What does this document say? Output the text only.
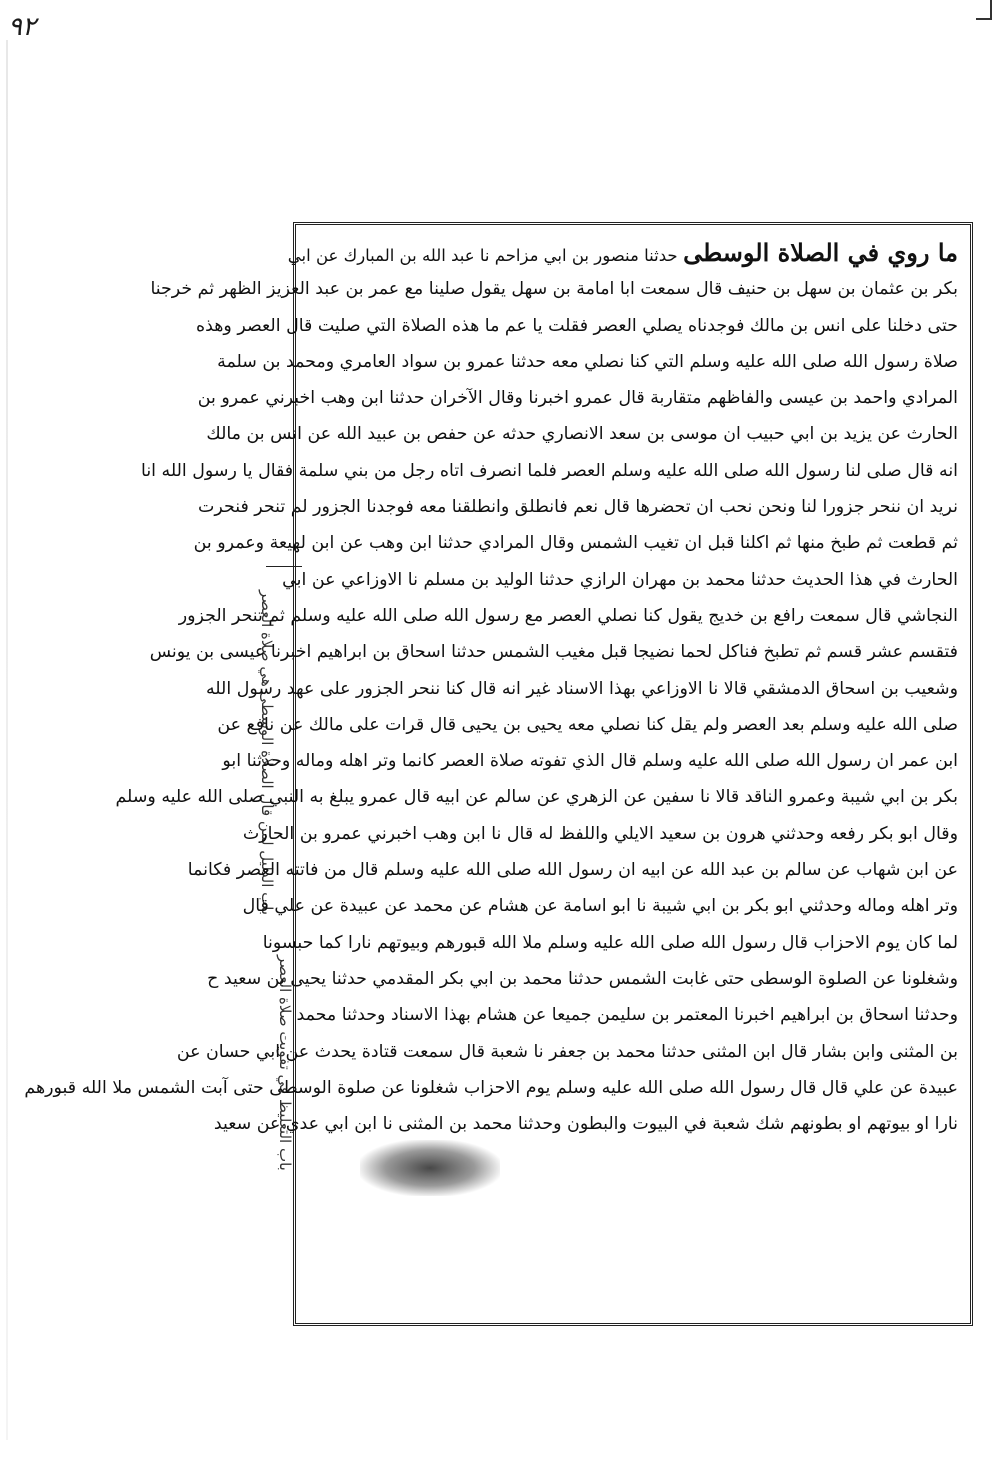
٩٢
باب الدليل لمن قال الصلاة الوسطى هي صلاة العصر
باب التغليظ في تفويت صلاة العصر
ما روي في الصلاة الوسطى حدثنا منصور بن ابي مزاحم نا عبد الله بن المبارك عن ابي
بكر بن عثمان بن سهل بن حنيف قال سمعت ابا امامة بن سهل يقول صلينا مع عمر بن عبد العزيز الظهر ثم خرجنا
حتى دخلنا على انس بن مالك فوجدناه يصلي العصر فقلت يا عم ما هذه الصلاة التي صليت قال العصر وهذه
صلاة رسول الله صلى الله عليه وسلم التي كنا نصلي معه حدثنا عمرو بن سواد العامري ومحمد بن سلمة
المرادي واحمد بن عيسى والفاظهم متقاربة قال عمرو اخبرنا وقال الآخران حدثنا ابن وهب اخبرني عمرو بن
الحارث عن يزيد بن ابي حبيب ان موسى بن سعد الانصاري حدثه عن حفص بن عبيد الله عن انس بن مالك
انه قال صلى لنا رسول الله صلى الله عليه وسلم العصر فلما انصرف اتاه رجل من بني سلمة فقال يا رسول الله انا
نريد ان ننحر جزورا لنا ونحن نحب ان تحضرها قال نعم فانطلق وانطلقنا معه فوجدنا الجزور لم تنحر فنحرت
ثم قطعت ثم طبخ منها ثم اكلنا قبل ان تغيب الشمس وقال المرادي حدثنا ابن وهب عن ابن لهيعة وعمرو بن
الحارث في هذا الحديث حدثنا محمد بن مهران الرازي حدثنا الوليد بن مسلم نا الاوزاعي عن ابي
النجاشي قال سمعت رافع بن خديج يقول كنا نصلي العصر مع رسول الله صلى الله عليه وسلم ثم تنحر الجزور
فتقسم عشر قسم ثم تطبخ فناكل لحما نضيجا قبل مغيب الشمس حدثنا اسحاق بن ابراهيم اخبرنا عيسى بن يونس
وشعيب بن اسحاق الدمشقي قالا نا الاوزاعي بهذا الاسناد غير انه قال كنا ننحر الجزور على عهد رسول الله
صلى الله عليه وسلم بعد العصر ولم يقل كنا نصلي معه يحيى بن يحيى قال قرات على مالك عن نافع عن
ابن عمر ان رسول الله صلى الله عليه وسلم قال الذي تفوته صلاة العصر كانما وتر اهله وماله وحدثنا ابو
بكر بن ابي شيبة وعمرو الناقد قالا نا سفين عن الزهري عن سالم عن ابيه قال عمرو يبلغ به النبي صلى الله عليه وسلم
وقال ابو بكر رفعه وحدثني هرون بن سعيد الايلي واللفظ له قال نا ابن وهب اخبرني عمرو بن الحارث
عن ابن شهاب عن سالم بن عبد الله عن ابيه ان رسول الله صلى الله عليه وسلم قال من فاتته العصر فكانما
وتر اهله وماله وحدثني ابو بكر بن ابي شيبة نا ابو اسامة عن هشام عن محمد عن عبيدة عن علي قال
لما كان يوم الاحزاب قال رسول الله صلى الله عليه وسلم ملا الله قبورهم وبيوتهم نارا كما حبسونا
وشغلونا عن الصلوة الوسطى حتى غابت الشمس حدثنا محمد بن ابي بكر المقدمي حدثنا يحيى بن سعيد ح
وحدثنا اسحاق بن ابراهيم اخبرنا المعتمر بن سليمن جميعا عن هشام بهذا الاسناد وحدثنا محمد
بن المثنى وابن بشار قال ابن المثنى حدثنا محمد بن جعفر نا شعبة قال سمعت قتادة يحدث عن ابي حسان عن
عبيدة عن علي قال قال رسول الله صلى الله عليه وسلم يوم الاحزاب شغلونا عن صلوة الوسطى حتى آبت الشمس ملا الله قبورهم
نارا او بيوتهم او بطونهم شك شعبة في البيوت والبطون وحدثنا محمد بن المثنى نا ابن ابي عدي عن سعيد
